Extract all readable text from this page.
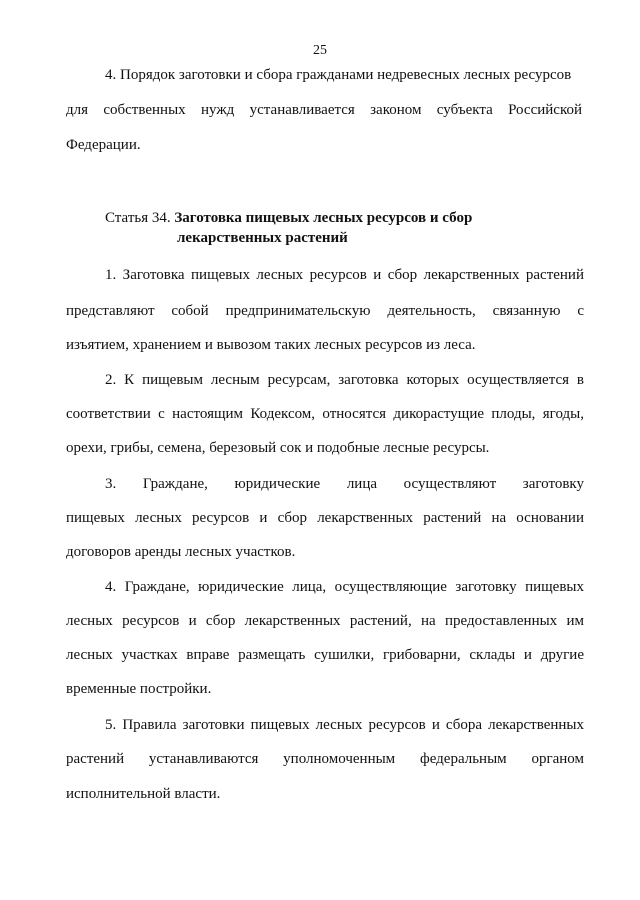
25
4. Порядок заготовки и сбора гражданами недревесных лесных ресурсов
для собственных нужд устанавливается законом субъекта Российской
Федерации.
Статья 34. Заготовка пищевых лесных ресурсов и сбор
лекарственных растений
1. Заготовка пищевых лесных ресурсов и сбор лекарственных растений
представляют собой предпринимательскую деятельность, связанную с
изъятием, хранением и вывозом таких лесных ресурсов из леса.
2. К пищевым лесным ресурсам, заготовка которых осуществляется в
соответствии с настоящим Кодексом, относятся дикорастущие плоды, ягоды,
орехи, грибы, семена, березовый сок и подобные лесные ресурсы.
3. Граждане, юридические лица осуществляют заготовку
пищевых лесных ресурсов и сбор лекарственных растений на основании
договоров аренды лесных участков.
4. Граждане, юридические лица, осуществляющие заготовку пищевых
лесных ресурсов и сбор лекарственных растений, на предоставленных им
лесных участках вправе размещать сушилки, грибоварни, склады и другие
временные постройки.
5. Правила заготовки пищевых лесных ресурсов и сбора лекарственных
растений устанавливаются уполномоченным федеральным органом
исполнительной власти.
